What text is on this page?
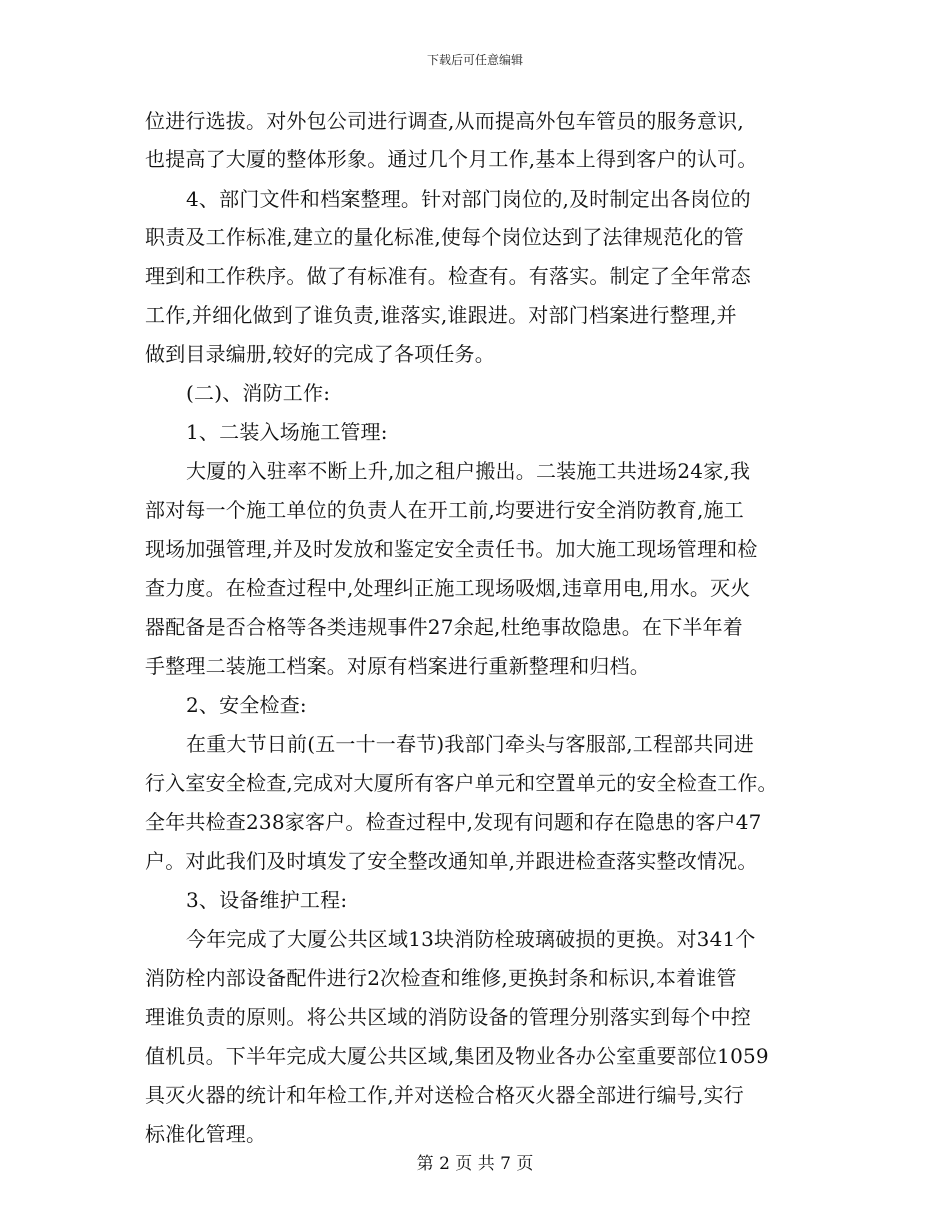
下载后可任意编辑
位进行选拔。对外包公司进行调查,从而提高外包车管员的服务意识,
也提高了大厦的整体形象。通过几个月工作,基本上得到客户的认可。
4、部门文件和档案整理。针对部门岗位的,及时制定出各岗位的
职责及工作标准,建立的量化标准,使每个岗位达到了法律规范化的管
理到和工作秩序。做了有标准有。检查有。有落实。制定了全年常态
工作,并细化做到了谁负责,谁落实,谁跟进。对部门档案进行整理,并
做到目录编册,较好的完成了各项任务。
(二)、消防工作:
1、二装入场施工管理:
大厦的入驻率不断上升,加之租户搬出。二装施工共进场24家,我
部对每一个施工单位的负责人在开工前,均要进行安全消防教育,施工
现场加强管理,并及时发放和鉴定安全责任书。加大施工现场管理和检
查力度。在检查过程中,处理纠正施工现场吸烟,违章用电,用水。灭火
器配备是否合格等各类违规事件27余起,杜绝事故隐患。在下半年着
手整理二装施工档案。对原有档案进行重新整理和归档。
2、安全检查:
在重大节日前(五一十一春节)我部门牵头与客服部,工程部共同进
行入室安全检查,完成对大厦所有客户单元和空置单元的安全检查工作。
全年共检查238家客户。检查过程中,发现有问题和存在隐患的客户47
户。对此我们及时填发了安全整改通知单,并跟进检查落实整改情况。
3、设备维护工程:
今年完成了大厦公共区域13块消防栓玻璃破损的更换。对341个
消防栓内部设备配件进行2次检查和维修,更换封条和标识,本着谁管
理谁负责的原则。将公共区域的消防设备的管理分别落实到每个中控
值机员。下半年完成大厦公共区域,集团及物业各办公室重要部位1059
具灭火器的统计和年检工作,并对送检合格灭火器全部进行编号,实行
标准化管理。
第 2 页 共 7 页
